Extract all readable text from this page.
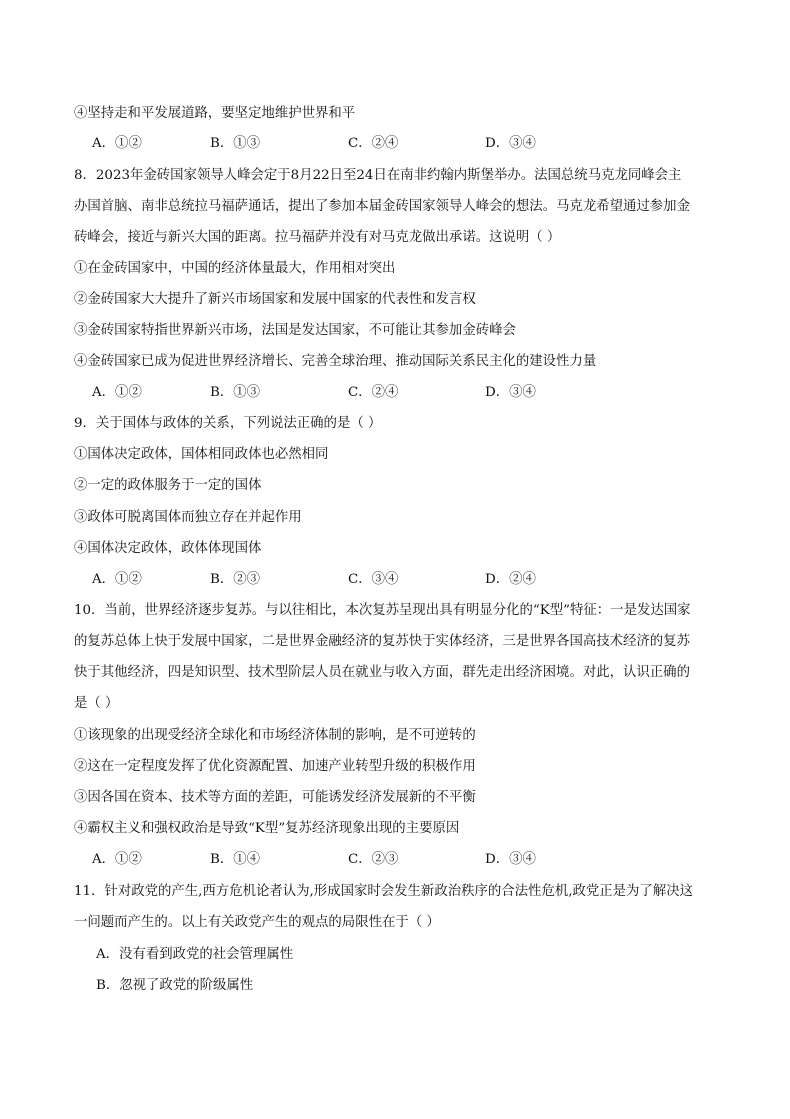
④坚持走和平发展道路，要坚定地维护世界和平
A．①②	B．①③	C．②④	D．③④
8．2023年金砖国家领导人峰会定于8月22日至24日在南非约翰内斯堡举办。法国总统马克龙同峰会主
办国首脑、南非总统拉马福萨通话，提出了参加本届金砖国家领导人峰会的想法。马克龙希望通过参加金
砖峰会，接近与新兴大国的距离。拉马福萨并没有对马克龙做出承诺。这说明（ ）
①在金砖国家中，中国的经济体量最大，作用相对突出
②金砖国家大大提升了新兴市场国家和发展中国家的代表性和发言权
③金砖国家特指世界新兴市场，法国是发达国家，不可能让其参加金砖峰会
④金砖国家已成为促进世界经济增长、完善全球治理、推动国际关系民主化的建设性力量
A．①②	B．①③	C．②④	D．③④
9．关于国体与政体的关系，下列说法正确的是（ ）
①国体决定政体，国体相同政体也必然相同
②一定的政体服务于一定的国体
③政体可脱离国体而独立存在并起作用
④国体决定政体，政体体现国体
A．①②	B．②③	C．③④	D．②④
10．当前，世界经济逐步复苏。与以往相比，本次复苏呈现出具有明显分化的“K型”特征：一是发达国家
的复苏总体上快于发展中国家，二是世界金融经济的复苏快于实体经济，三是世界各国高技术经济的复苏
快于其他经济，四是知识型、技术型阶层人员在就业与收入方面，群先走出经济困境。对此，认识正确的
是（ ）
①该现象的出现受经济全球化和市场经济体制的影响，是不可逆转的
②这在一定程度发挥了优化资源配置、加速产业转型升级的积极作用
③因各国在资本、技术等方面的差距，可能诱发经济发展新的不平衡
④霸权主义和强权政治是导致“K型”复苏经济现象出现的主要原因
A．①②	B．①④	C．②③	D．③④
11．针对政党的产生,西方危机论者认为,形成国家时会发生新政治秩序的合法性危机,政党正是为了解决这
一问题而产生的。以上有关政党产生的观点的局限性在于（ ）
A．没有看到政党的社会管理属性
B．忽视了政党的阶级属性
